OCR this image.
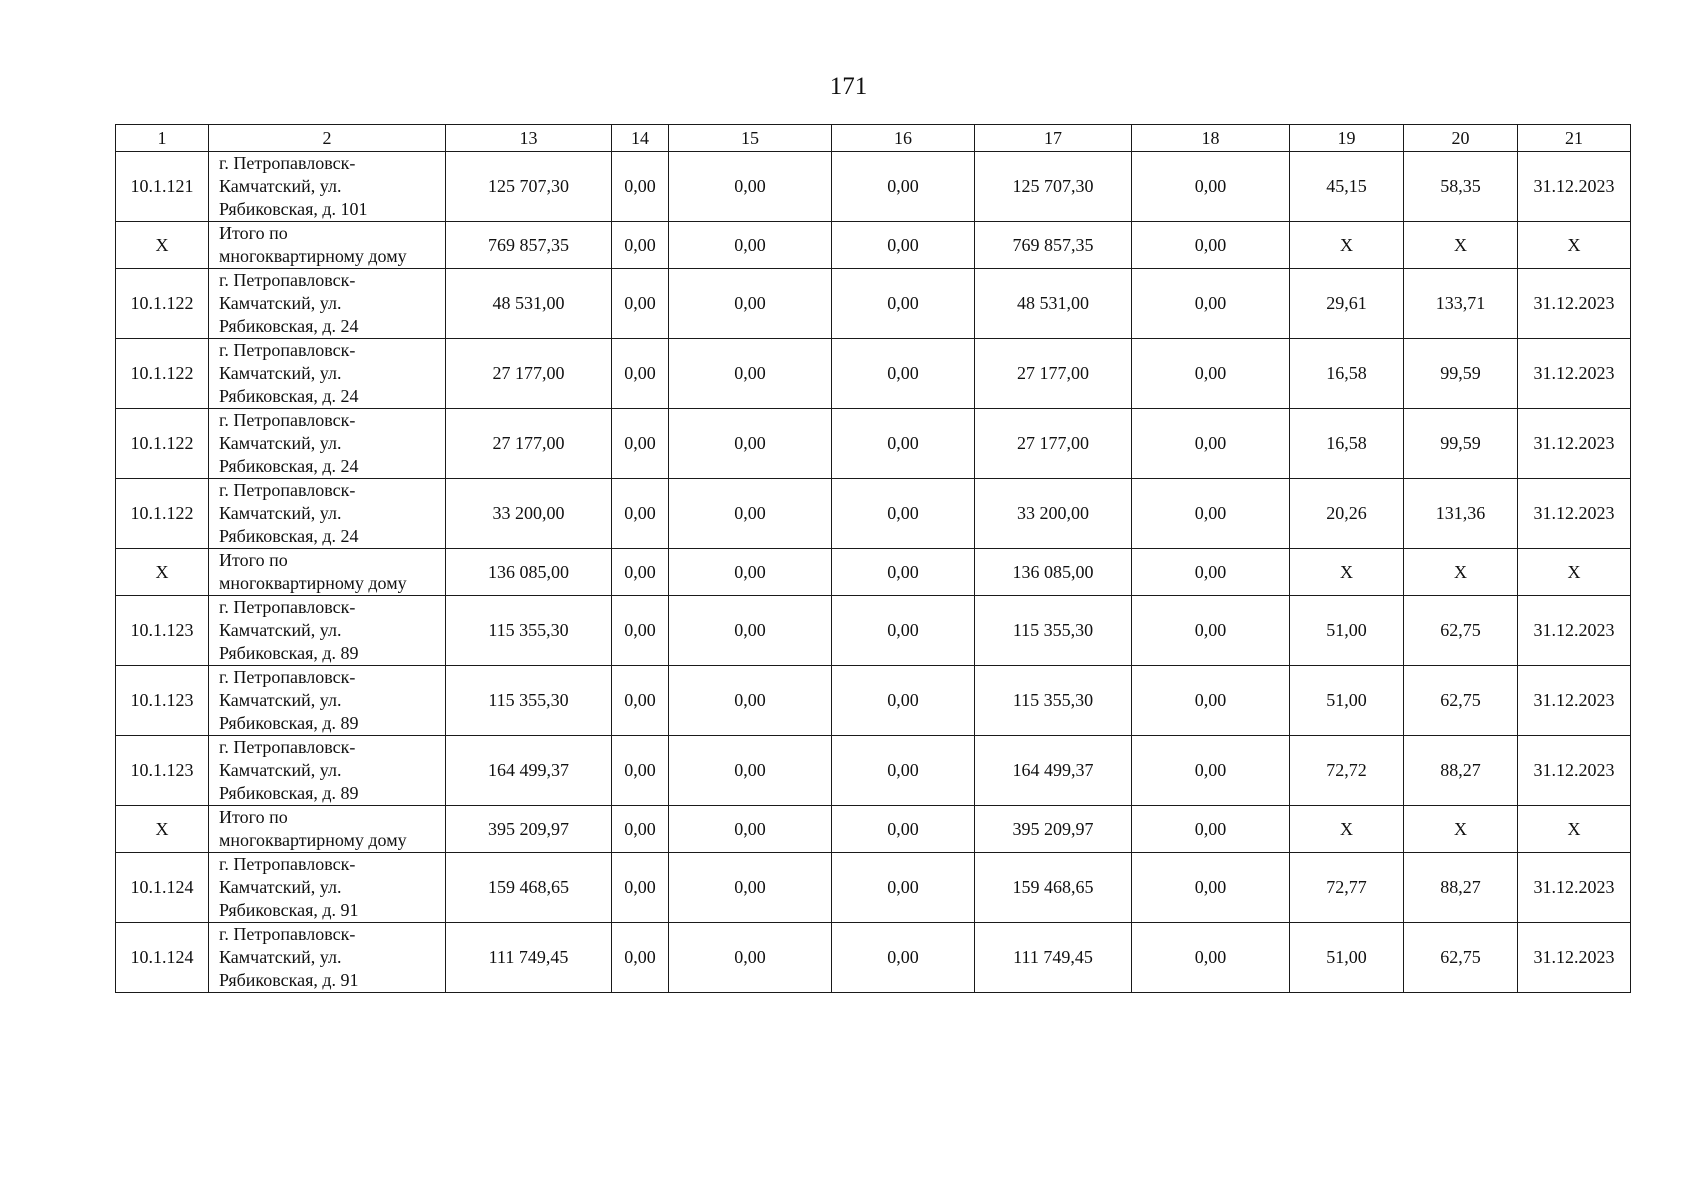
171
1	2	13	14	15	16	17	18	19	20	21
10.1.121	г. Петропавловск-
Камчатский, ул.
Рябиковская, д. 101	125 707,30	0,00	0,00	0,00	125 707,30	0,00	45,15	58,35	31.12.2023
X	Итого по
многоквартирному дому	769 857,35	0,00	0,00	0,00	769 857,35	0,00	X	X	X
10.1.122	г. Петропавловск-
Камчатский, ул.
Рябиковская, д. 24	48 531,00	0,00	0,00	0,00	48 531,00	0,00	29,61	133,71	31.12.2023
10.1.122	г. Петропавловск-
Камчатский, ул.
Рябиковская, д. 24	27 177,00	0,00	0,00	0,00	27 177,00	0,00	16,58	99,59	31.12.2023
10.1.122	г. Петропавловск-
Камчатский, ул.
Рябиковская, д. 24	27 177,00	0,00	0,00	0,00	27 177,00	0,00	16,58	99,59	31.12.2023
10.1.122	г. Петропавловск-
Камчатский, ул.
Рябиковская, д. 24	33 200,00	0,00	0,00	0,00	33 200,00	0,00	20,26	131,36	31.12.2023
X	Итого по
многоквартирному дому	136 085,00	0,00	0,00	0,00	136 085,00	0,00	X	X	X
10.1.123	г. Петропавловск-
Камчатский, ул.
Рябиковская, д. 89	115 355,30	0,00	0,00	0,00	115 355,30	0,00	51,00	62,75	31.12.2023
10.1.123	г. Петропавловск-
Камчатский, ул.
Рябиковская, д. 89	115 355,30	0,00	0,00	0,00	115 355,30	0,00	51,00	62,75	31.12.2023
10.1.123	г. Петропавловск-
Камчатский, ул.
Рябиковская, д. 89	164 499,37	0,00	0,00	0,00	164 499,37	0,00	72,72	88,27	31.12.2023
X	Итого по
многоквартирному дому	395 209,97	0,00	0,00	0,00	395 209,97	0,00	X	X	X
10.1.124	г. Петропавловск-
Камчатский, ул.
Рябиковская, д. 91	159 468,65	0,00	0,00	0,00	159 468,65	0,00	72,77	88,27	31.12.2023
10.1.124	г. Петропавловск-
Камчатский, ул.
Рябиковская, д. 91	111 749,45	0,00	0,00	0,00	111 749,45	0,00	51,00	62,75	31.12.2023
